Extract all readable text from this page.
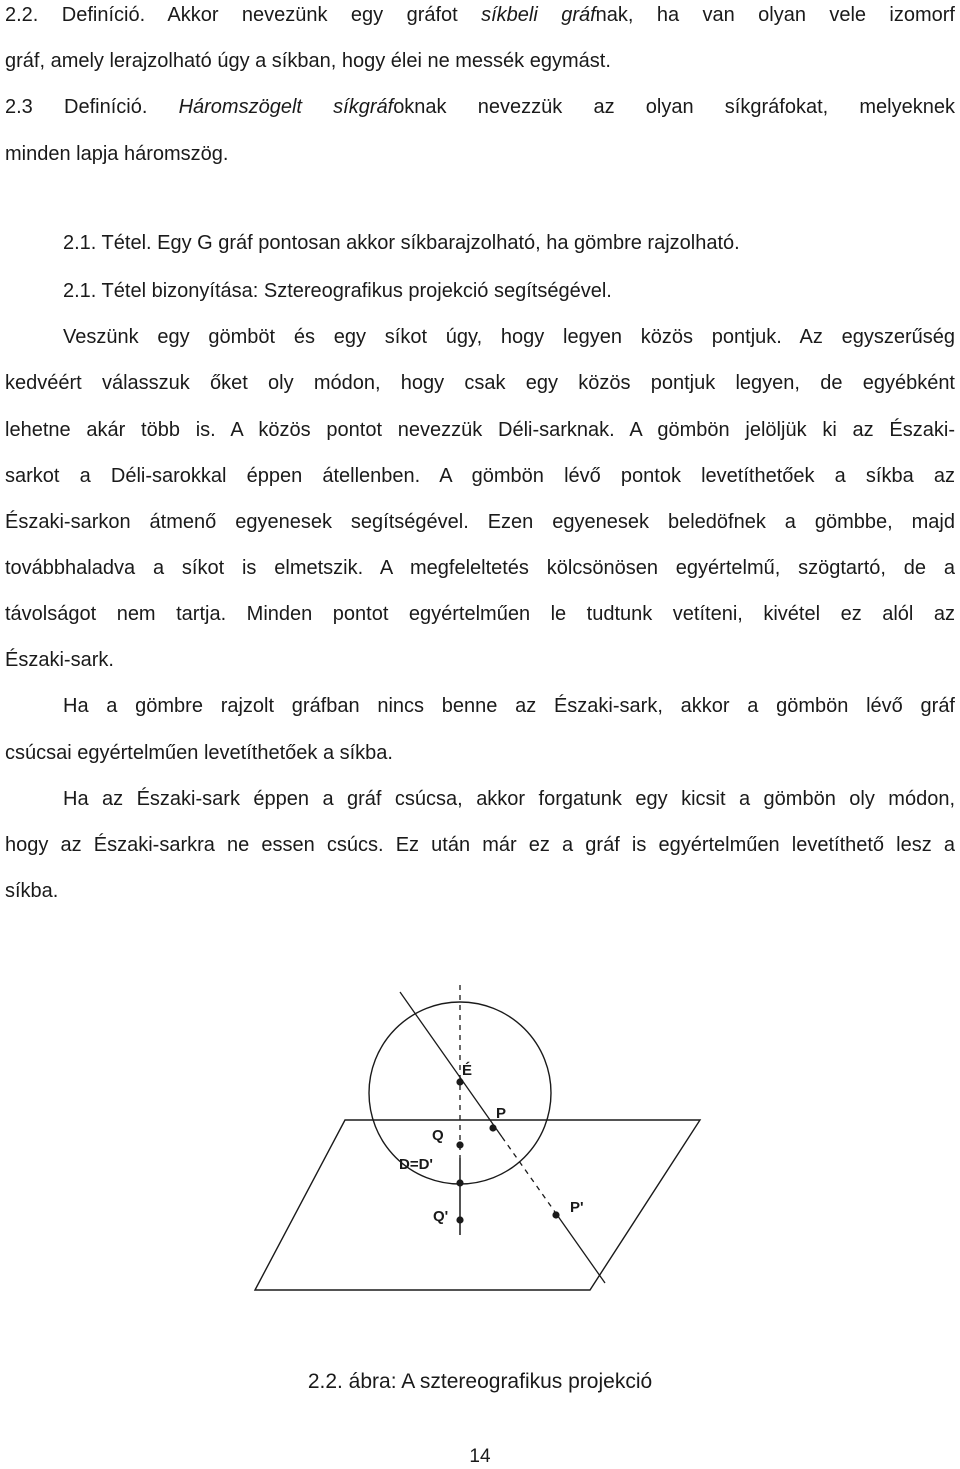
2.2. Definíció. Akkor nevezünk egy gráfot síkbeli gráfnak, ha van olyan vele izomorf
gráf, amely lerajzolható úgy a síkban, hogy élei ne messék egymást.
2.3 Definíció. Háromszögelt síkgráfoknak nevezzük az olyan síkgráfokat, melyeknek
minden lapja háromszög.
2.1. Tétel. Egy G gráf pontosan akkor síkbarajzolható, ha gömbre rajzolható.
2.1. Tétel bizonyítása: Sztereografikus projekció segítségével.
Veszünk egy gömböt és egy síkot úgy, hogy legyen közös pontjuk. Az egyszerűség
kedvéért válasszuk őket oly módon, hogy csak egy közös pontjuk legyen, de egyébként
lehetne akár több is. A közös pontot nevezzük Déli-sarknak. A gömbön jelöljük ki az Északi-
sarkot a Déli-sarokkal éppen átellenben. A gömbön lévő pontok levetíthetőek a síkba az
Északi-sarkon átmenő egyenesek segítségével. Ezen egyenesek beledöfnek a gömbbe, majd
továbbhaladva a síkot is elmetszik. A megfeleltetés kölcsönösen egyértelmű, szögtartó, de a
távolságot nem tartja. Minden pontot egyértelműen le tudtunk vetíteni, kivétel ez alól az
Északi-sark.
Ha a gömbre rajzolt gráfban nincs benne az Északi-sark, akkor a gömbön lévő gráf
csúcsai egyértelműen levetíthetőek a síkba.
Ha az Északi-sark éppen a gráf csúcsa, akkor forgatunk egy kicsit a gömbön oly módon,
hogy az Északi-sarkra ne essen csúcs. Ez után már ez a gráf is egyértelműen levetíthető lesz a
síkba.
É
P
Q
D=D'
Q'
P'
2.2. ábra: A sztereografikus projekció
14
